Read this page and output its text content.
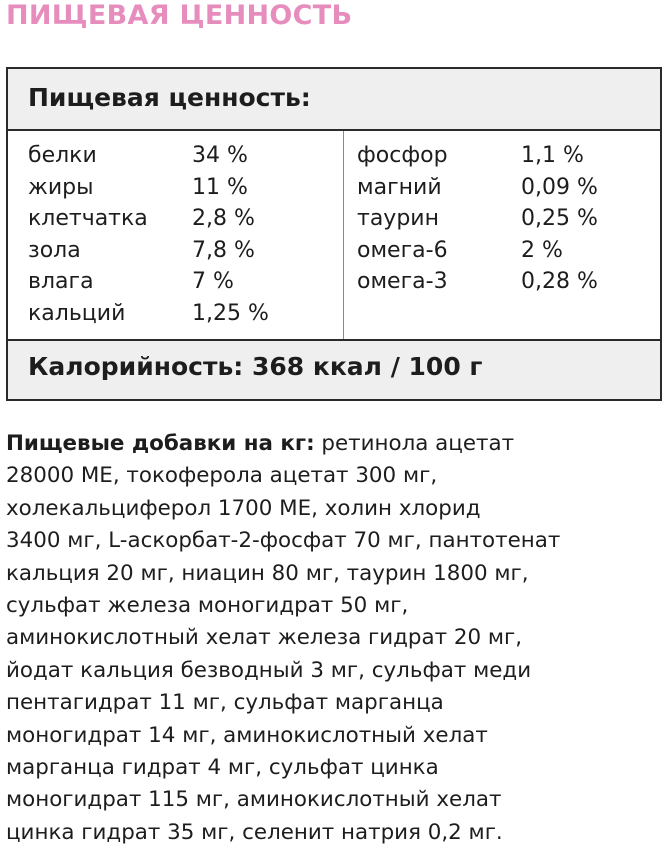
ПИЩЕВАЯ ЦЕННОСТЬ
Пищевая ценность:
белки	34 %
жиры	11 %
клетчатка 2,8 %
зола	7,8 %
влага	7 %
кальций	1,25 %
фосфор	1,1 %
магний	0,09 %
таурин	0,25 %
омега-6	2 %
омега-3	0,28 %
Калорийность: 368 ккал / 100 г
Пищевые добавки на кг: ретинола ацетат
28000 МЕ, токоферола ацетат 300 мг,
холекальциферол 1700 МЕ, холин хлорид
3400 мг, L-аскорбат-2-фосфат 70 мг, пантотенат
кальция 20 мг, ниацин 80 мг, таурин 1800 мг,
сульфат железа моногидрат 50 мг,
аминокислотный хелат железа гидрат 20 мг,
йодат кальция безводный 3 мг, сульфат меди
пентагидрат 11 мг, сульфат марганца
моногидрат 14 мг, аминокислотный хелат
марганца гидрат 4 мг, сульфат цинка
моногидрат 115 мг, аминокислотный хелат
цинка гидрат 35 мг, селенит натрия 0,2 мг.
